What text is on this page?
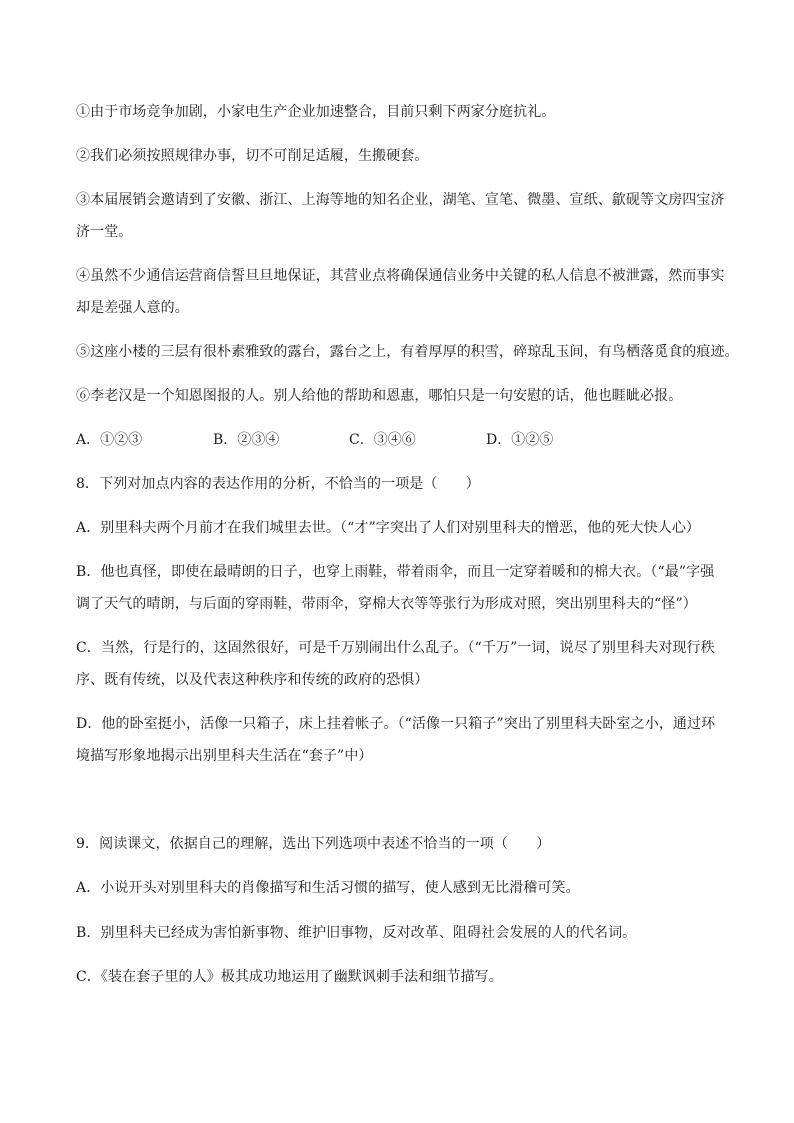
①由于市场竞争加剧，小家电生产企业加速整合，目前只剩下两家分庭抗礼。
②我们必须按照规律办事，切不可削足适履，生搬硬套。
③本届展销会邀请到了安徽、浙江、上海等地的知名企业，湖笔、宣笔、微墨、宣纸、歙砚等文房四宝济
济一堂。
④虽然不少通信运营商信誓旦旦地保证，其营业点将确保通信业务中关键的私人信息不被泄露，然而事实
却是差强人意的。
⑤这座小楼的三层有很朴素雅致的露台，露台之上，有着厚厚的积雪，碎琼乱玉间，有鸟栖落觅食的痕迹。
⑥李老汉是一个知恩图报的人。别人给他的帮助和恩惠，哪怕只是一句安慰的话，他也睚眦必报。
A．①②③	B．②③④	C．③④⑥	D．①②⑤
8．下列对加点内容的表达作用的分析，不恰当的一项是（　　）
A．别里科夫两个月前才在我们城里去世。（“才”字突出了人们对别里科夫的憎恶，他的死大快人心）
B．他也真怪，即使在最晴朗的日子，也穿上雨鞋，带着雨伞，而且一定穿着暖和的棉大衣。（“最”字强
调了天气的晴朗，与后面的穿雨鞋，带雨伞，穿棉大衣等等张行为形成对照，突出别里科夫的“怪”）
C．当然，行是行的，这固然很好，可是千万别闹出什么乱子。（“千万”一词，说尽了别里科夫对现行秩
序、既有传统，以及代表这种秩序和传统的政府的恐惧）
D．他的卧室挺小，活像一只箱子，床上挂着帐子。（“活像一只箱子”突出了别里科夫卧室之小，通过环
境描写形象地揭示出别里科夫生活在“套子”中）
9．阅读课文，依据自己的理解，选出下列选项中表述不恰当的一项（　　）
A．小说开头对别里科夫的肖像描写和生活习惯的描写，使人感到无比滑稽可笑。
B．别里科夫已经成为害怕新事物、维护旧事物，反对改革、阻碍社会发展的人的代名词。
C．《装在套子里的人》极其成功地运用了幽默讽刺手法和细节描写。
